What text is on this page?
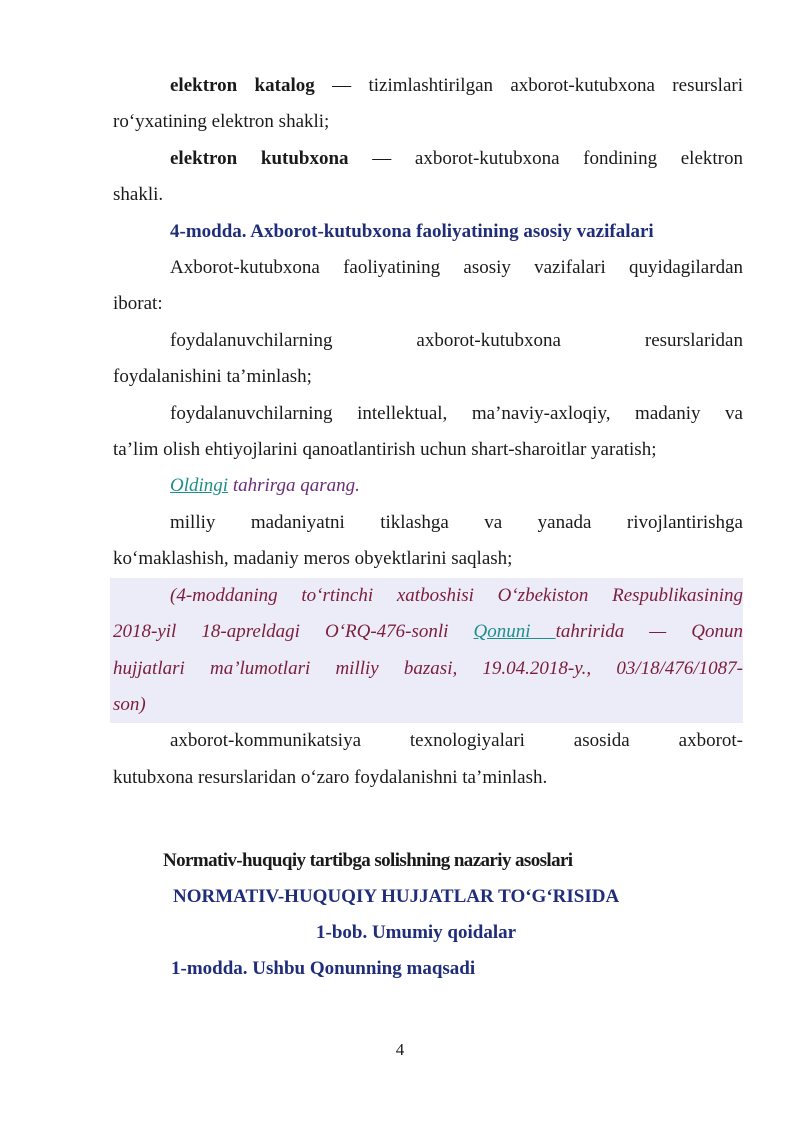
elektron katalog — tizimlashtirilgan axborot-kutubxona resurslari

ro‘yxatining elektron shakli;

elektron kutubxona — axborot-kutubxona fondining elektron

shakli.

4-modda. Axborot-kutubxona faoliyatining asosiy vazifalari

Axborot-kutubxona faoliyatining asosiy vazifalari quyidagilardan

iborat:

foydalanuvchilarning axborot-kutubxona resurslaridan

foydalanishini ta’minlash;

foydalanuvchilarning intellektual, ma’naviy-axloqiy, madaniy va

ta’lim olish ehtiyojlarini qanoatlantirish uchun shart-sharoitlar yaratish;

Oldingi tahrirga qarang.

milliy madaniyatni tiklashga va yanada rivojlantirishga

ko‘maklashish, madaniy meros obyektlarini saqlash;

(4-moddaning to‘rtinchi xatboshisi O‘zbekiston Respublikasining

2018-yil 18-apreldagi O‘RQ-476-sonli Qonuni tahririda — Qonun

hujjatlari ma’lumotlari milliy bazasi, 19.04.2018-y., 03/18/476/1087-

son)

axborot-kommunikatsiya texnologiyalari asosida axborot-

kutubxona resurslaridan o‘zaro foydalanishni ta’minlash.

Normativ-huquqiy tartibga solishning nazariy asoslari

NORMATIV-HUQUQIY HUJJATLAR TO‘G‘RISIDA

1-bob. Umumiy qoidalar

1-modda. Ushbu Qonunning maqsadi

4
